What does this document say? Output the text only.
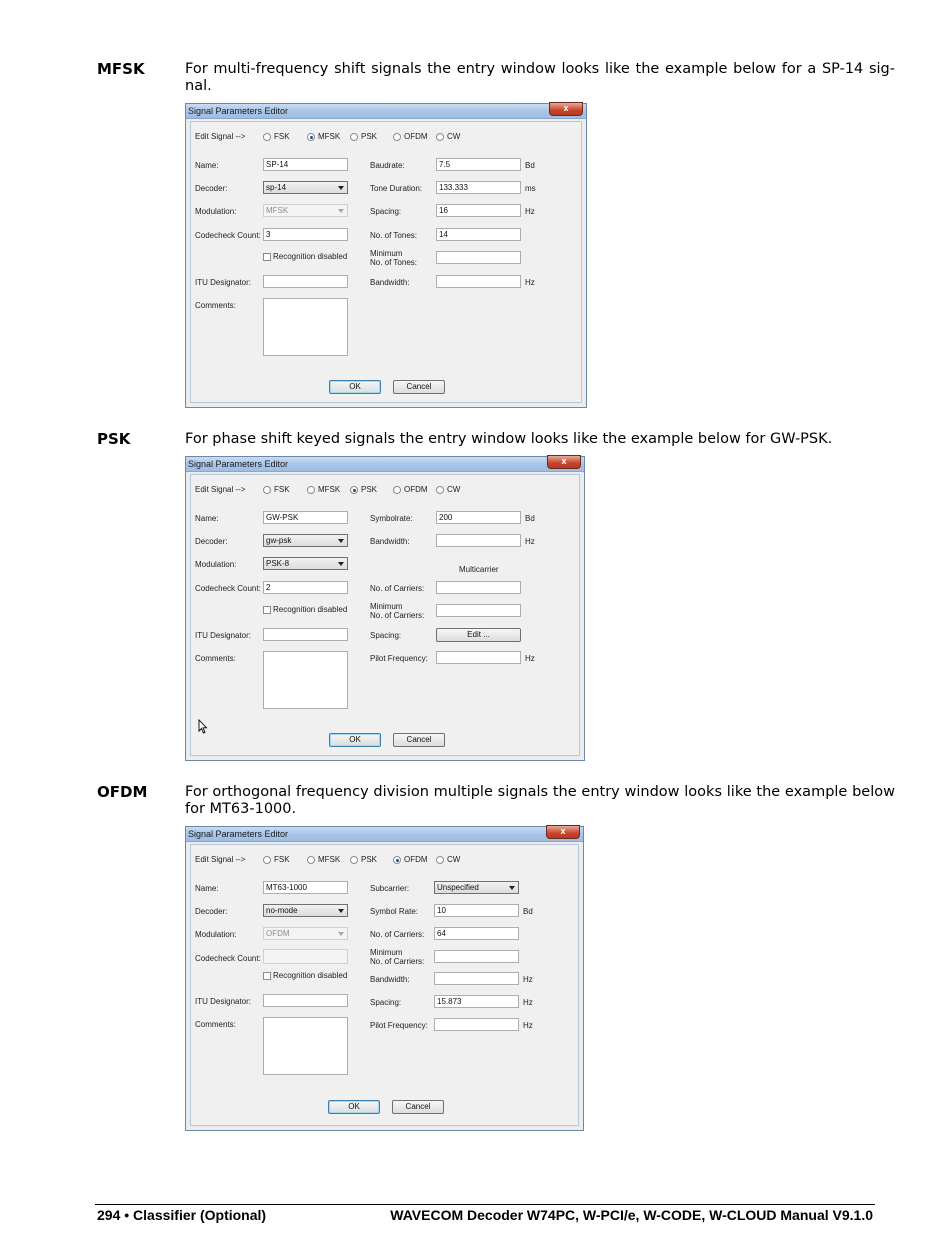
MFSK	For multi-frequency shift signals the entry window looks like the example below for a SP-14 sig-nal.
Signal Parameters Editor	x
Edit Signal -->	FSK	MFSK	PSK	OFDM CW
Name:	SP-14
Decoder:	sp-14
Modulation:	MFSK
Codecheck Count: 3
Recognition disabled
ITU Designator:
Comments:
Baudrate:	7.5	Bd
Tone Duration:	133.333	ms
Spacing:	16	Hz
No. of Tones:	14
Minimum
No. of Tones:
Bandwidth:	Hz
OK	Cancel
PSK	For phase shift keyed signals the entry window looks like the example below for GW-PSK.
Signal Parameters Editor	x
Edit Signal -->	FSK	MFSK	PSK	OFDM CW
Name:	GW-PSK
Decoder:	gw-psk
Modulation:	PSK-8
Codecheck Count: 2
Recognition disabled
ITU Designator:
Comments:
Symbolrate:	200	Bd
Bandwidth:	Hz
Multicarrier
No. of Carriers:
Minimum
No. of Carriers:
Spacing:	Edit ...
Pilot Frequency:	Hz
OK	Cancel
OFDM	For orthogonal frequency division multiple signals the entry window looks like the example below for MT63-1000.
Signal Parameters Editor	x
Edit Signal -->	FSK	MFSK	PSK	OFDM CW
Name:	MT63-1000
Decoder:	no-mode
Modulation:	OFDM
Codecheck Count:
Recognition disabled
ITU Designator:
Comments:
Subcarrier:	Unspecified
Symbol Rate:	10	Bd
No. of Carriers:	64
Minimum
No. of Carriers:
Bandwidth:	Hz
Spacing:	15.873	Hz
Pilot Frequency:	Hz
OK	Cancel
294 • Classifier (Optional)	WAVECOM Decoder W74PC, W-PCI/e, W-CODE, W-CLOUD Manual V9.1.0
